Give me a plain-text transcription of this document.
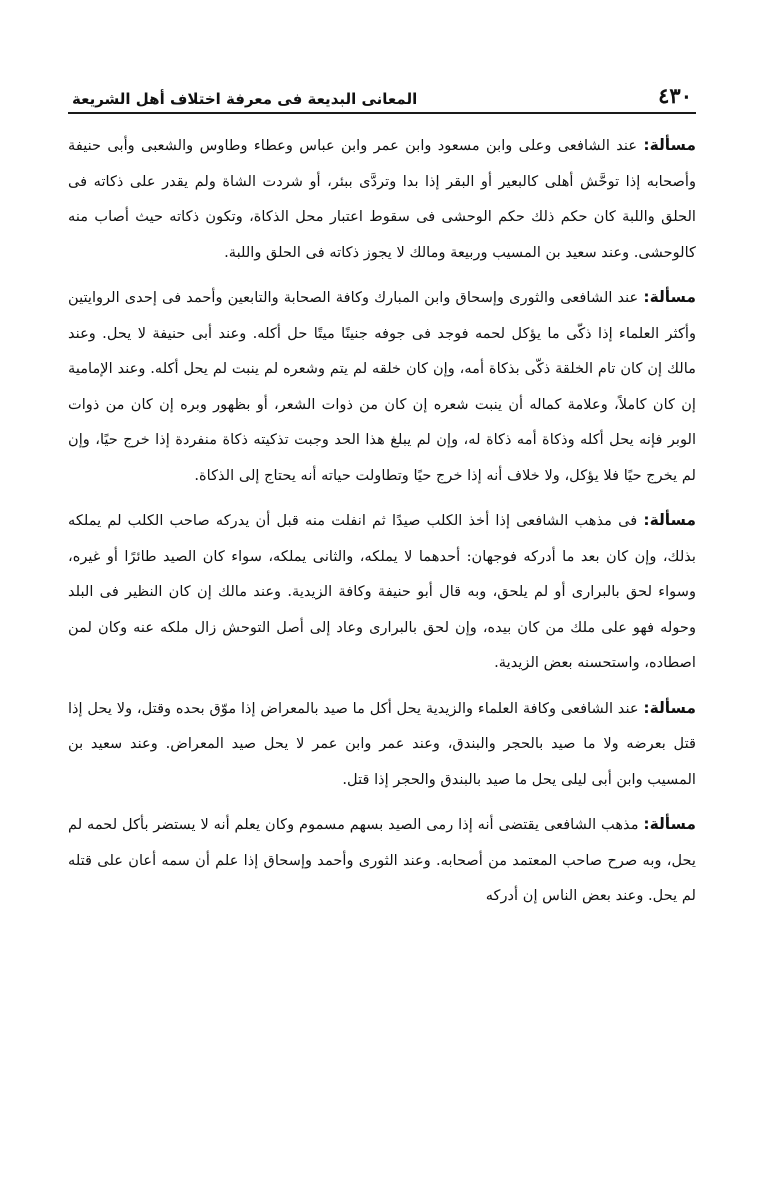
٤٣٠
المعانى البديعة فى معرفة اختلاف أهل الشريعة

مسألة: عند الشافعى وعلى وابن مسعود وابن عمر وابن عباس وعطاء وطاوس والشعبى وأبى حنيفة وأصحابه إذا توحَّش أهلى كالبعير أو البقر إذا بدا وتردَّى ببئر، أو شردت الشاة ولم يقدر على ذكاته فى الحلق واللبة كان حكم ذلك حكم الوحشى فى سقوط اعتبار محل الذكاة، وتكون ذكاته حيث أصاب منه كالوحشى. وعند سعيد بن المسيب وربيعة ومالك لا يجوز ذكاته فى الحلق واللبة.

مسألة: عند الشافعى والثورى وإسحاق وابن المبارك وكافة الصحابة والتابعين وأحمد فى إحدى الروايتين وأكثر العلماء إذا ذكّى ما يؤكل لحمه فوجد فى جوفه جنينًا ميتًا حل أكله. وعند أبى حنيفة لا يحل. وعند مالك إن كان تام الخلقة ذكّى بذكاة أمه، وإن كان خلقه لم يتم وشعره لم ينبت لم يحل أكله. وعند الإمامية إن كان كاملاً، وعلامة كماله أن ينبت شعره إن كان من ذوات الشعر، أو بظهور وبره إن كان من ذوات الوبر فإنه يحل أكله وذكاة أمه ذكاة له، وإن لم يبلغ هذا الحد وجبت تذكيته ذكاة منفردة إذا خرج حيًا، وإن لم يخرج حيًا فلا يؤكل، ولا خلاف أنه إذا خرج حيًا وتطاولت حياته أنه يحتاج إلى الذكاة.

مسألة: فى مذهب الشافعى إذا أخذ الكلب صيدًا ثم انفلت منه قبل أن يدركه صاحب الكلب لم يملكه بذلك، وإن كان بعد ما أدركه فوجهان: أحدهما لا يملكه، والثانى يملكه، سواء كان الصيد طائرًا أو غيره، وسواء لحق بالبرارى أو لم يلحق، وبه قال أبو حنيفة وكافة الزيدية. وعند مالك إن كان النظير فى البلد وحوله فهو على ملك من كان بيده، وإن لحق بالبرارى وعاد إلى أصل التوحش زال ملكه عنه وكان لمن اصطاده، واستحسنه بعض الزيدية.

مسألة: عند الشافعى وكافة العلماء والزيدية يحل أكل ما صيد بالمعراض إذا موّق بحده وقتل، ولا يحل إذا قتل بعرضه ولا ما صيد بالحجر والبندق، وعند عمر وابن عمر لا يحل صيد المعراض. وعند سعيد بن المسيب وابن أبى ليلى يحل ما صيد بالبندق والحجر إذا قتل.

مسألة: مذهب الشافعى يقتضى أنه إذا رمى الصيد بسهم مسموم وكان يعلم أنه لا يستضر بأكل لحمه لم يحل، وبه صرح صاحب المعتمد من أصحابه. وعند الثورى وأحمد وإسحاق إذا علم أن سمه أعان على قتله لم يحل. وعند بعض الناس إن أدركه
